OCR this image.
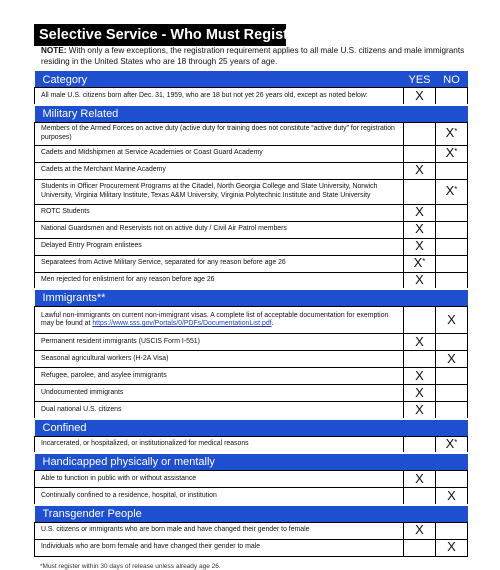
Selective Service - Who Must Register
NOTE: With only a few exceptions, the registration requirement applies to all male U.S. citizens and male immigrants residing in the United States who are 18 through 25 years of age.
Category	YES	NO
All male U.S. citizens born after Dec. 31, 1959, who are 18 but not yet 26 years old, except as noted below:	X	
Military Related		
Members of the Armed Forces on active duty (active duty for training does not constitute “active duty” for registration purposes)		X*
Cadets and Midshipmen at Service Academies or Coast Guard Academy		X*
Cadets at the Merchant Marine Academy	X	
Students in Officer Procurement Programs at the Citadel, North Georgia College and State University, Norwich University, Virginia Military Institute, Texas A&M University, Virginia Polytechnic Institute and State University		X*
ROTC Students	X	
National Guardsmen and Reservists not on active duty / Civil Air Patrol members	X	
Delayed Entry Program enlistees	X	
Separatees from Active Military Service, separated for any reason before age 26	X*	
Men rejected for enlistment for any reason before age 26	X	
Immigrants**		
Lawful non-immigrants on current non-immigrant visas. A complete list of acceptable documentation for exemption may be found at https://www.sss.gov/Portals/0/PDFs/DocumentationList.pdf.		X
Permanent resident immigrants (USCIS Form I-551)	X	
Seasonal agricultural workers (H-2A Visa)		X
Refugee, parolee, and asylee immigrants	X	
Undocumented immigrants	X	
Dual national U.S. citizens	X	
Confined		
Incarcerated, or hospitalized, or institutionalized for medical reasons		X*
Handicapped physically or mentally		
Able to function in public with or without assistance	X	
Continually confined to a residence, hospital, or institution		X
Transgender People		
U.S. citizens or immigrants who are born male and have changed their gender to female	X	
Individuals who are born female and have changed their gender to male		X
*Must register within 30 days of release unless already age 26.
